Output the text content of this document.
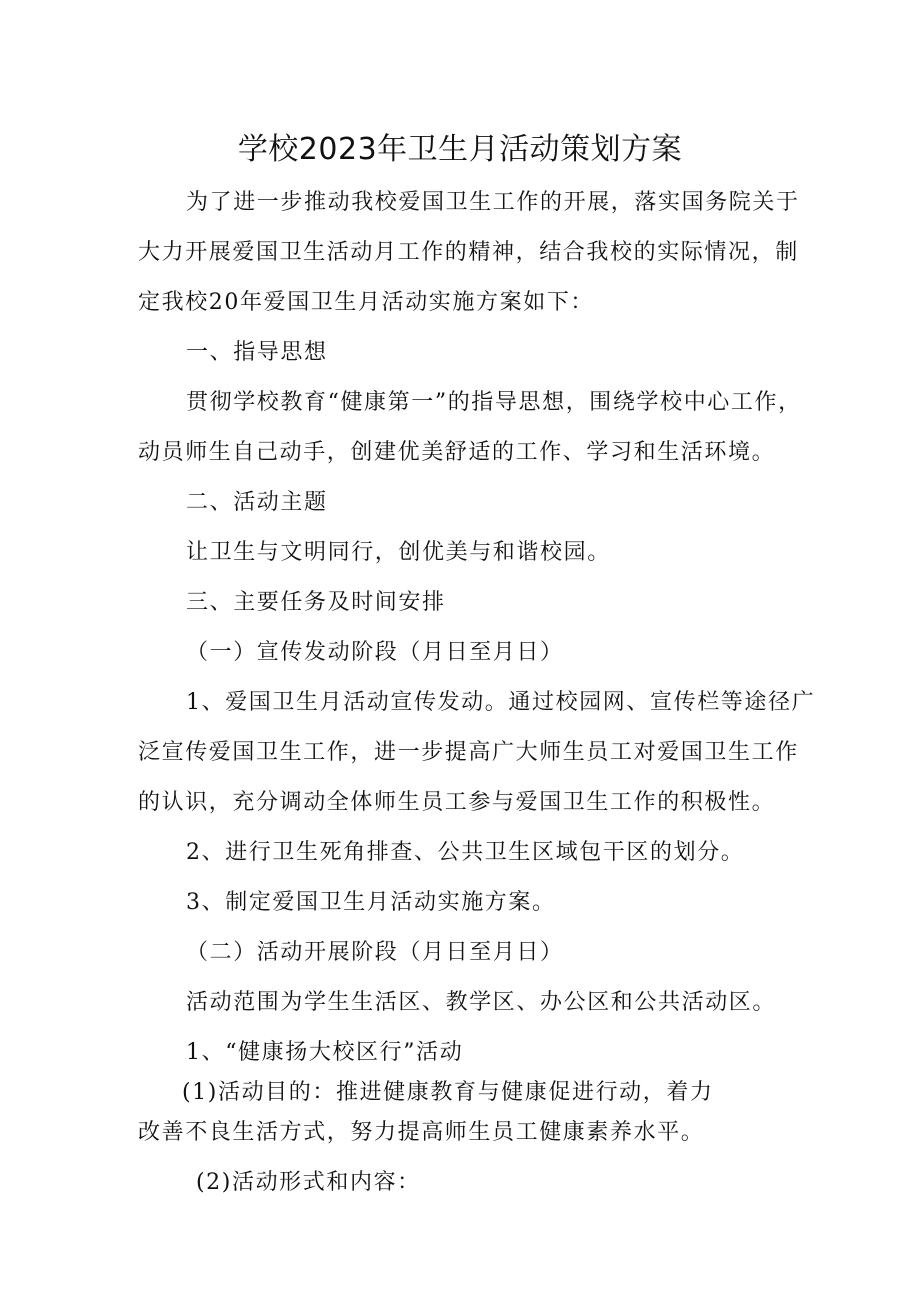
学校2023年卫生月活动策划方案
为了进一步推动我校爱国卫生工作的开展，落实国务院关于
大力开展爱国卫生活动月工作的精神，结合我校的实际情况，制
定我校20年爱国卫生月活动实施方案如下：
一、指导思想
贯彻学校教育“健康第一”的指导思想，围绕学校中心工作，
动员师生自己动手，创建优美舒适的工作、学习和生活环境。
二、活动主题
让卫生与文明同行，创优美与和谐校园。
三、主要任务及时间安排
（一）宣传发动阶段（月日至月日）
1、爱国卫生月活动宣传发动。通过校园网、宣传栏等途径广
泛宣传爱国卫生工作，进一步提高广大师生员工对爱国卫生工作
的认识，充分调动全体师生员工参与爱国卫生工作的积极性。
2、进行卫生死角排查、公共卫生区域包干区的划分。
3、制定爱国卫生月活动实施方案。
（二）活动开展阶段（月日至月日）
活动范围为学生生活区、教学区、办公区和公共活动区。
1、“健康扬大校区行”活动
(1)活动目的：推进健康教育与健康促进行动，着力
改善不良生活方式，努力提高师生员工健康素养水平。
(2)活动形式和内容：
